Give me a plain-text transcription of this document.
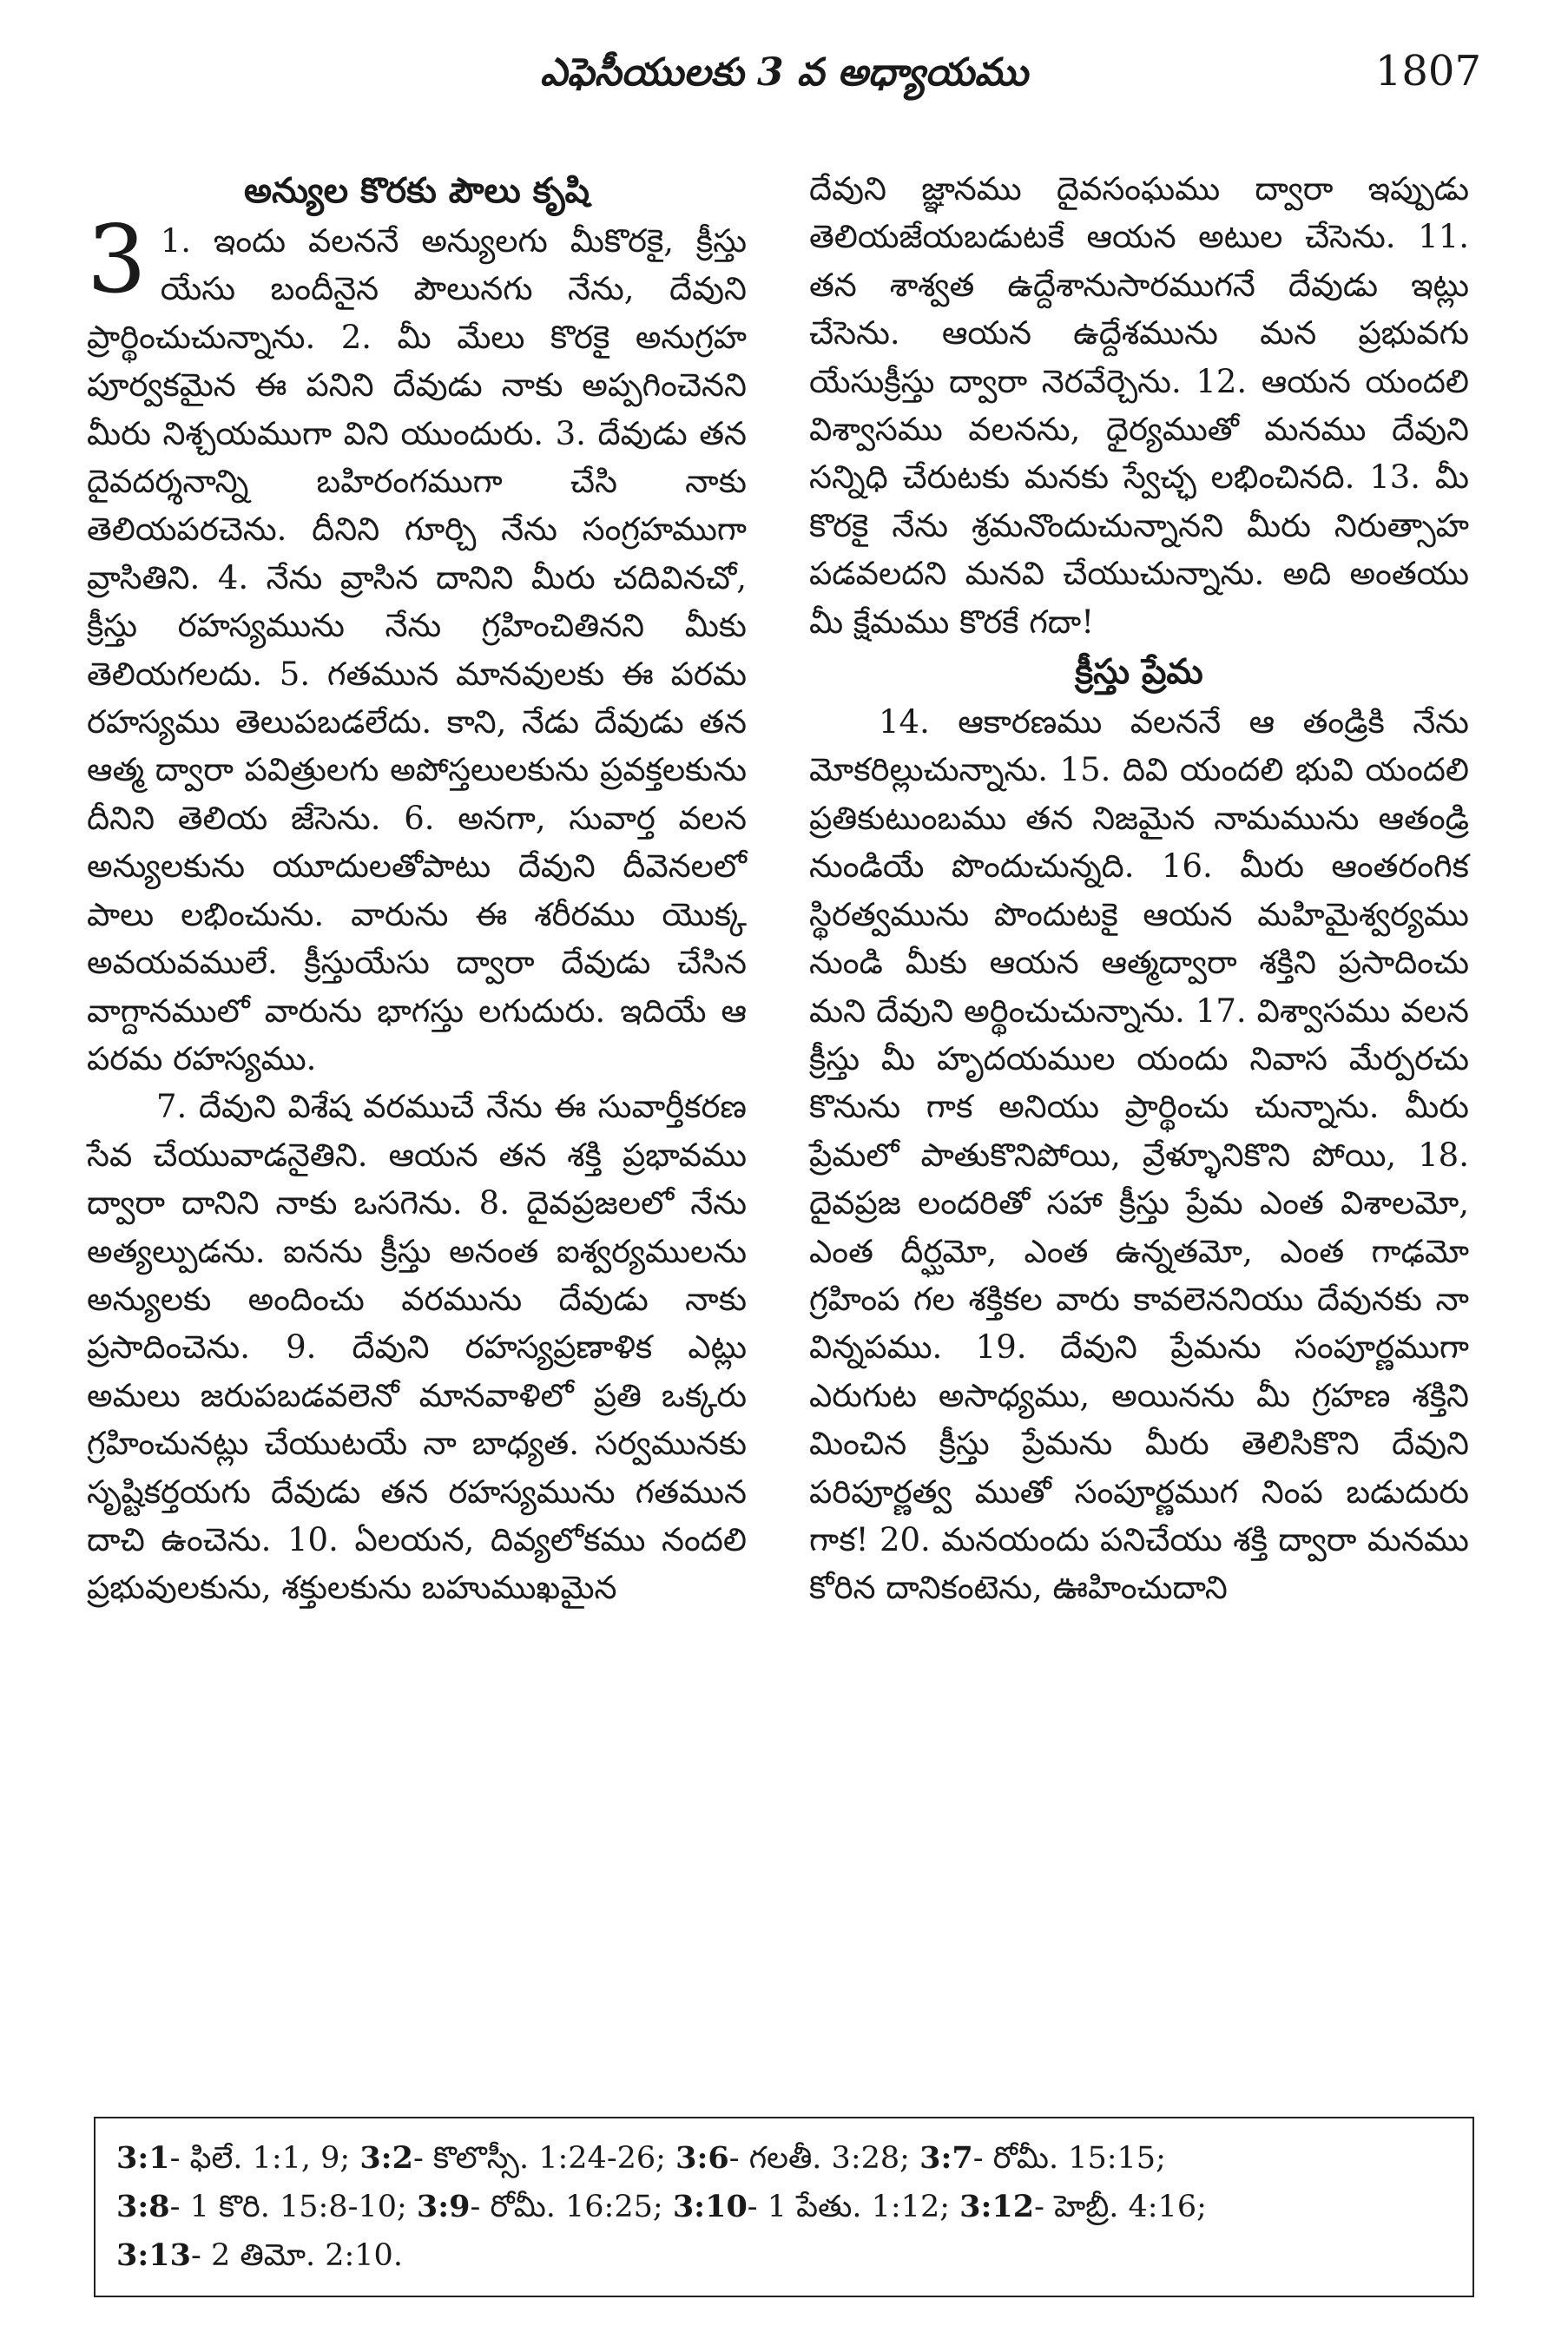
ఎఫెసీయులకు 3 వ అధ్యాయము	1807

అన్యుల కొరకు పౌలు కృషి

3 1. ఇందు వలననే అన్యులగు మీకొరకై, క్రీస్తు యేసు బందీనైన పౌలునగు నేను, దేవుని ప్రార్థించుచున్నాను. 2. మీ మేలు కొరకై అనుగ్రహ పూర్వకమైన ఈ పనిని దేవుడు నాకు అప్పగించెనని మీరు నిశ్చయముగా విని యుందురు. 3. దేవుడు తన దైవదర్శనాన్ని బహిరంగముగా చేసి నాకు తెలియపరచెను. దీనిని గూర్చి నేను సంగ్రహముగా వ్రాసితిని. 4. నేను వ్రాసిన దానిని మీరు చదివినచో, క్రీస్తు రహస్యమును నేను గ్రహించితినని మీకు తెలియగలదు. 5. గతమున మానవులకు ఈ పరమ రహస్యము తెలుపబడలేదు. కాని, నేడు దేవుడు తన ఆత్మ ద్వారా పవిత్రులగు అపోస్తలులకును ప్రవక్తలకును దీనిని తెలియ జేసెను. 6. అనగా, సువార్త వలన అన్యులకును యూదులతోపాటు దేవుని దీవెనలలో పాలు లభించును. వారును ఈ శరీరము యొక్క అవయవములే. క్రీస్తుయేసు ద్వారా దేవుడు చేసిన వాగ్దానములో వారును భాగస్తు లగుదురు. ఇదియే ఆ పరమ రహస్యము.

7. దేవుని విశేష వరముచే నేను ఈ సువార్తీకరణ సేవ చేయువాడనైతిని. ఆయన తన శక్తి ప్రభావము ద్వారా దానిని నాకు ఒసగెను. 8. దైవప్రజలలో నేను అత్యల్పుడను. ఐనను క్రీస్తు అనంత ఐశ్వర్యములను అన్యులకు అందించు వరమును దేవుడు నాకు ప్రసాదించెను. 9. దేవుని రహస్యప్రణాళిక ఎట్లు అమలు జరుపబడవలెనో మానవాళిలో ప్రతి ఒక్కరు గ్రహించునట్లు చేయుటయే నా బాధ్యత. సర్వమునకు సృష్టికర్తయగు దేవుడు తన రహస్యమును గతమున దాచి ఉంచెను. 10. ఏలయన, దివ్యలోకము నందలి ప్రభువులకును, శక్తులకును బహుముఖమైన

దేవుని జ్ఞానము దైవసంఘము ద్వారా ఇప్పుడు తెలియజేయబడుటకే ఆయన అటుల చేసెను. 11. తన శాశ్వత ఉద్దేశానుసారముగనే దేవుడు ఇట్లు చేసెను. ఆయన ఉద్దేశమును మన ప్రభువగు యేసుక్రీస్తు ద్వారా నెరవేర్చెను. 12. ఆయన యందలి విశ్వాసము వలనను, ధైర్యముతో మనము దేవుని సన్నిధి చేరుటకు మనకు స్వేచ్ఛ లభించినది. 13. మీ కొరకై నేను శ్రమనొందుచున్నానని మీరు నిరుత్సాహ పడవలదని మనవి చేయుచున్నాను. అది అంతయు మీ క్షేమము కొరకే గదా!

క్రీస్తు ప్రేమ

14. ఆకారణము వలననే ఆ తండ్రికి నేను మోకరిల్లుచున్నాను. 15. దివి యందలి భువి యందలి ప్రతికుటుంబము తన నిజమైన నామమును ఆతండ్రి నుండియే పొందుచున్నది. 16. మీరు ఆంతరంగిక స్థిరత్వమును పొందుటకై ఆయన మహిమైశ్వర్యము నుండి మీకు ఆయన ఆత్మద్వారా శక్తిని ప్రసాదించు మని దేవుని అర్థించుచున్నాను. 17. విశ్వాసము వలన క్రీస్తు మీ హృదయముల యందు నివాస మేర్పరచు కొనును గాక అనియు ప్రార్థించు చున్నాను. మీరు ప్రేమలో పాతుకొనిపోయి, వ్రేళ్ళూనికొని పోయి, 18. దైవప్రజ లందరితో సహా క్రీస్తు ప్రేమ ఎంత విశాలమో, ఎంత దీర్ఘమో, ఎంత ఉన్నతమో, ఎంత గాఢమో గ్రహింప గల శక్తికల వారు కావలెననియు దేవునకు నా విన్నపము. 19. దేవుని ప్రేమను సంపూర్ణముగా ఎరుగుట అసాధ్యము, అయినను మీ గ్రహణ శక్తిని మించిన క్రీస్తు ప్రేమను మీరు తెలిసికొని దేవుని పరిపూర్ణత్వ ముతో సంపూర్ణముగ నింప బడుదురు గాక! 20. మనయందు పనిచేయు శక్తి ద్వారా మనము కోరిన దానికంటెను, ఊహించుదాని

3:1- ఫిలే. 1:1, 9; 3:2- కొలొస్సీ. 1:24-26; 3:6- గలతీ. 3:28; 3:7- రోమీ. 15:15; 3:8- 1 కొరి. 15:8-10; 3:9- రోమీ. 16:25; 3:10- 1 పేతు. 1:12; 3:12- హెబ్రీ. 4:16; 3:13- 2 తిమో. 2:10.
